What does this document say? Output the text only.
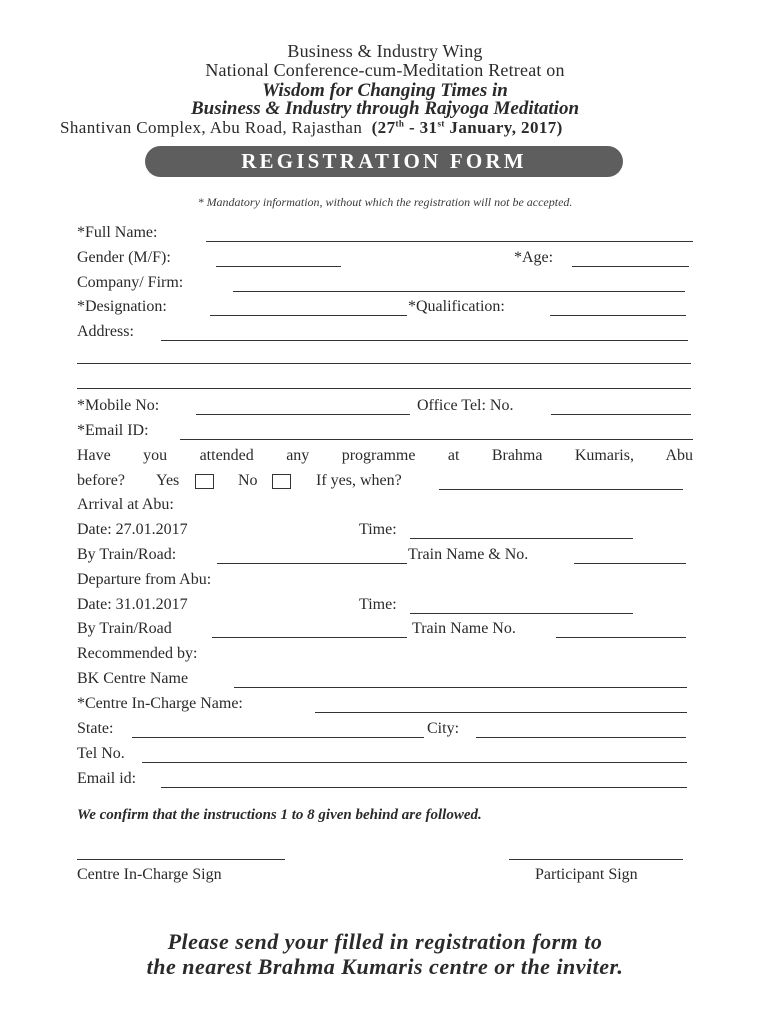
Business & Industry Wing
National Conference-cum-Meditation Retreat on
Wisdom for Changing Times in
Business & Industry through Rajyoga Meditation
Shantivan Complex, Abu Road, Rajasthan (27th - 31st January, 2017)
REGISTRATION FORM
* Mandatory information, without which the registration will not be accepted.
*Full Name:
Gender (M/F):	*Age:
Company/ Firm:
*Designation:	*Qualification:
Address:
*Mobile No:	Office Tel: No.
*Email ID:
Have you attended any programme at Brahma Kumaris, Abu
before? Yes	No	If yes, when?
Arrival at Abu:
Date: 27.01.2017	Time:
By Train/Road:	Train Name & No.
Departure from Abu:
Date: 31.01.2017	Time:
By Train/Road	Train Name No.
Recommended by:
BK Centre Name
*Centre In-Charge Name:
State:	City:
Tel No.
Email id:
We confirm that the instructions 1 to 8 given behind are followed.
Centre In-Charge Sign	Participant Sign
Please send your filled in registration form to
the nearest Brahma Kumaris centre or the inviter.
